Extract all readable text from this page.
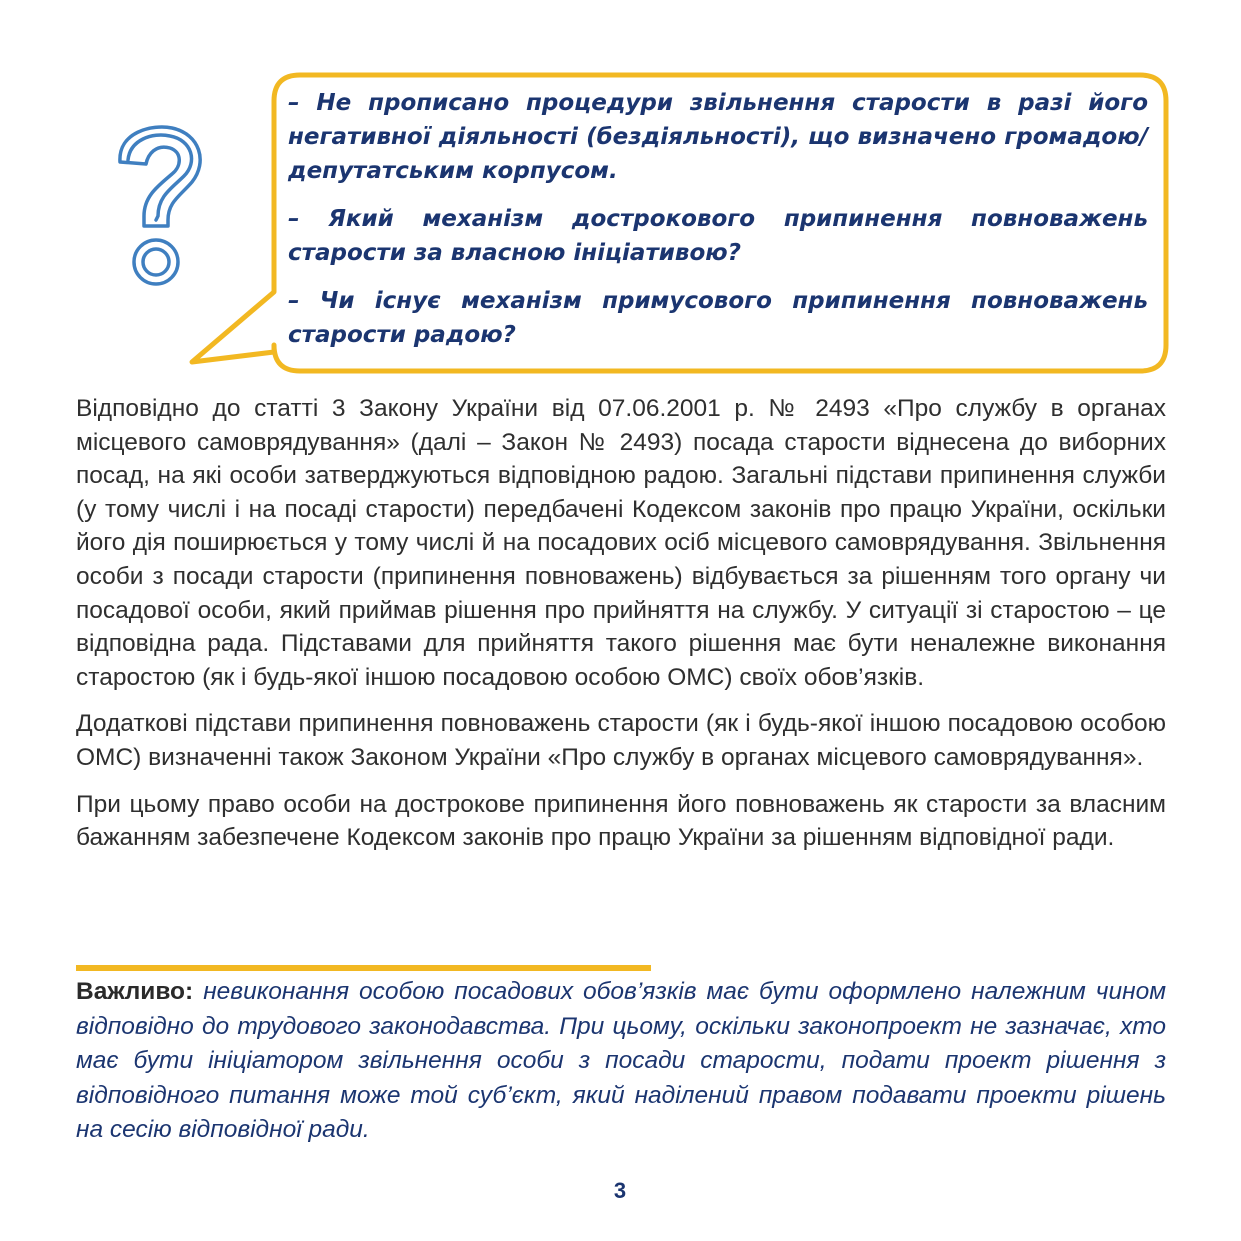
– Не прописано процедури звільнення старости в разі його негативної діяльності (бездіяльності), що визначено громадою/депутатським корпусом.

– Який механізм дострокового припинення повноважень старости за власною ініціативою?

– Чи існує механізм примусового припинення повноважень старости радою?

Відповідно до статті 3 Закону України від 07.06.2001 р. № 2493 «Про службу в органах місцевого самоврядування» (далі – Закон № 2493) посада старости віднесена до виборних посад, на які особи затверджуються відповідною радою. Загальні підстави припинення служби (у тому числі і на посаді старости) передбачені Кодексом законів про працю України, оскільки його дія поширюється у тому числі й на посадових осіб місцевого самоврядування. Звільнення особи з посади старости (припинення повноважень) відбувається за рішенням того органу чи посадової особи, який приймав рішення про прийняття на службу. У ситуації зі старостою – це відповідна рада. Підставами для прийняття такого рішення має бути неналежне виконання старостою (як і будь-якої іншою посадовою особою ОМС) своїх обов’язків.

Додаткові підстави припинення повноважень старости (як і будь-якої іншою посадовою особою ОМС) визначенні також Законом України «Про службу в органах місцевого самоврядування».

При цьому право особи на дострокове припинення його повноважень як старости за власним бажанням забезпечене Кодексом законів про працю України за рішенням відповідної ради.

Важливо: невиконання особою посадових обов’язків має бути оформлено належним чином відповідно до трудового законодавства. При цьому, оскільки законопроект не зазначає, хто має бути ініціатором звільнення особи з посади старости, подати проект рішення з відповідного питання може той суб’єкт, який наділений правом подавати проекти рішень на сесію відповідної ради.
3
